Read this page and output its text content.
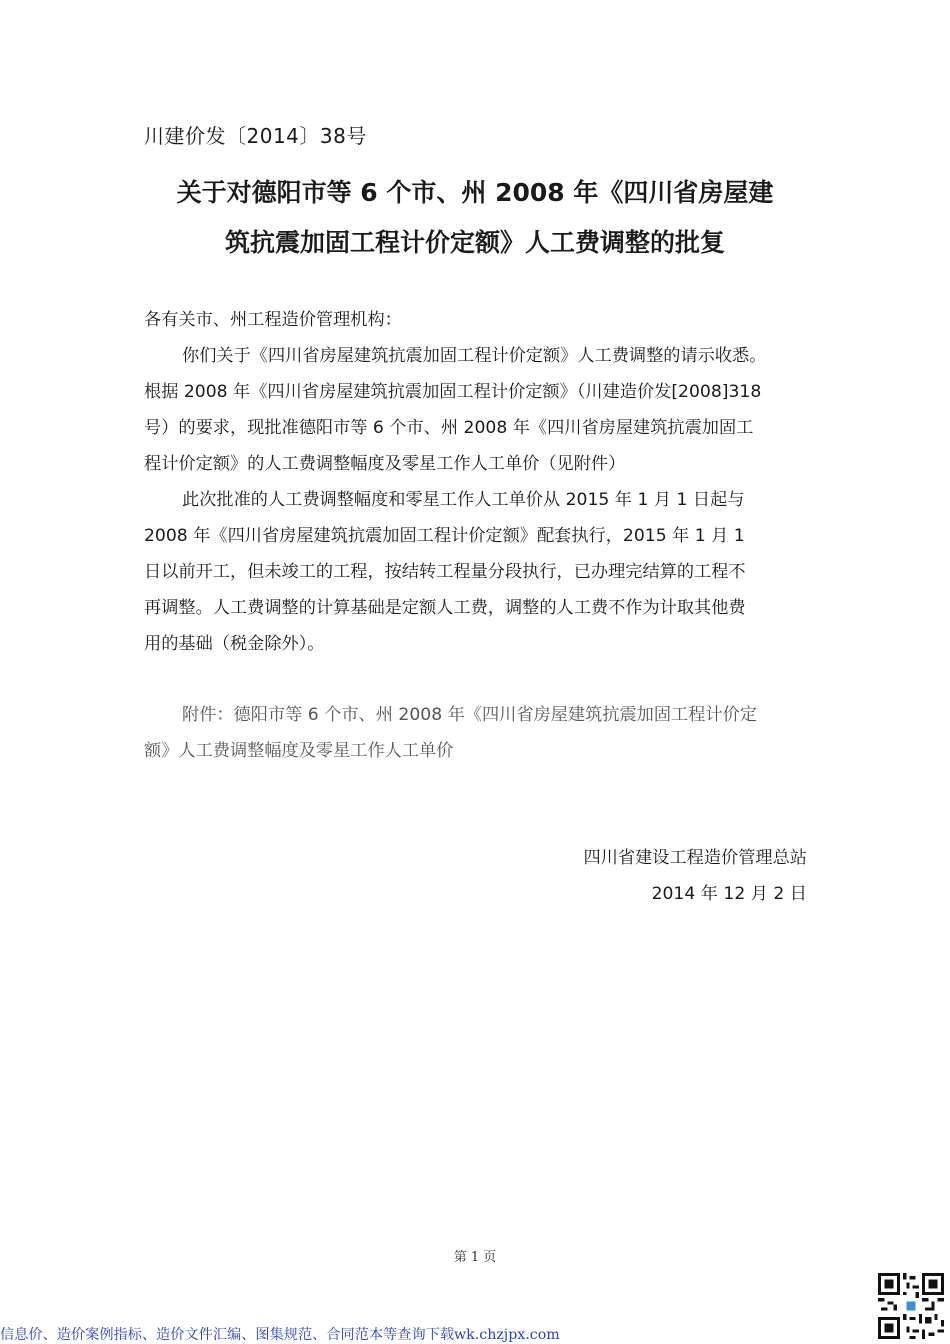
川建价发〔2014〕38号
关于对德阳市等 6 个市、州 2008 年《四川省房屋建
筑抗震加固工程计价定额》人工费调整的批复
各有关市、州工程造价管理机构：
你们关于《四川省房屋建筑抗震加固工程计价定额》人工费调整的请示收悉。
根据 2008 年《四川省房屋建筑抗震加固工程计价定额》（川建造价发[2008]318
号）的要求，现批准德阳市等 6 个市、州 2008 年《四川省房屋建筑抗震加固工
程计价定额》的人工费调整幅度及零星工作人工单价（见附件）
此次批准的人工费调整幅度和零星工作人工单价从 2015 年 1 月 1 日起与
2008 年《四川省房屋建筑抗震加固工程计价定额》配套执行，2015 年 1 月 1
日以前开工，但未竣工的工程，按结转工程量分段执行，已办理完结算的工程不
再调整。人工费调整的计算基础是定额人工费，调整的人工费不作为计取其他费
用的基础（税金除外）。
附件：德阳市等 6 个市、州 2008 年《四川省房屋建筑抗震加固工程计价定
额》人工费调整幅度及零星工作人工单价
四川省建设工程造价管理总站
2014 年 12 月 2 日
第 1 页
信息价、造价案例指标、造价文件汇编、图集规范、合同范本等查询下载wk.chzjpx.com
